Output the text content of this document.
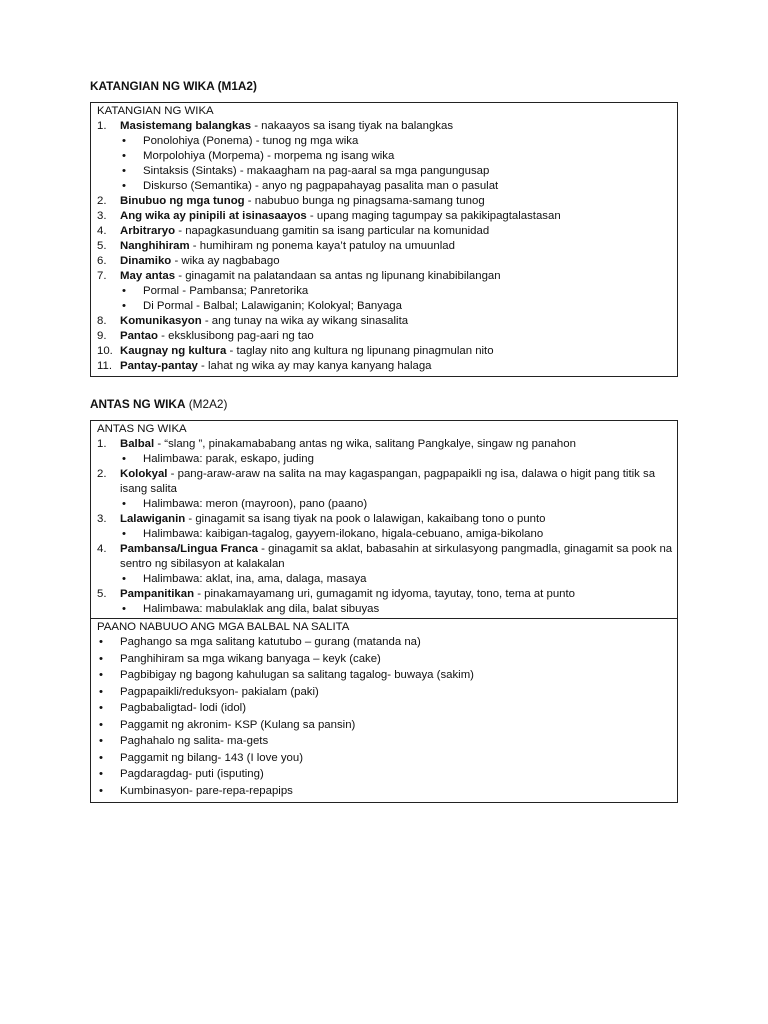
KATANGIAN NG WIKA (M1A2)
KATANGIAN NG WIKA
1.	Masistemang balangkas - nakaayos sa isang tiyak na balangkas
• Ponolohiya (Ponema) - tunog ng mga wika
• Morpolohiya (Morpema) - morpema ng isang wika
• Sintaksis (Sintaks) - makaagham na pag-aaral sa mga pangungusap
• Diskurso (Semantika) - anyo ng pagpapahayag pasalita man o pasulat
2.	Binubuo ng mga tunog - nabubuo bunga ng pinagsama-samang tunog
3.	Ang wika ay pinipili at isinasaayos - upang maging tagumpay sa pakikipagtalastasan
4.	Arbitraryo - napagkasunduang gamitin sa isang particular na komunidad
5.	Nanghihiram - humihiram ng ponema kaya’t patuloy na umuunlad
6.	Dinamiko - wika ay nagbabago
7.	May antas - ginagamit na palatandaan sa antas ng lipunang kinabibilangan
• Pormal - Pambansa; Panretorika
• Di Pormal - Balbal; Lalawiganin; Kolokyal; Banyaga
8.	Komunikasyon - ang tunay na wika ay wikang sinasalita
9.	Pantao - eksklusibong pag-aari ng tao
10. Kaugnay ng kultura - taglay nito ang kultura ng lipunang pinagmulan nito
11. Pantay-pantay - lahat ng wika ay may kanya kanyang halaga
ANTAS NG WIKA (M2A2)
ANTAS NG WIKA
1.	Balbal - “slang ”, pinakamababang antas ng wika, salitang Pangkalye, singaw ng panahon
• Halimbawa: parak, eskapo, juding
2.	Kolokyal - pang-araw-araw na salita na may kagaspangan, pagpapaikli ng isa, dalawa o higit pang titik sa isang salita
• Halimbawa: meron (mayroon), pano (paano)
3.	Lalawiganin - ginagamit sa isang tiyak na pook o lalawigan, kakaibang tono o punto
• Halimbawa: kaibigan-tagalog, gayyem-ilokano, higala-cebuano, amiga-bikolano
4.	Pambansa/Lingua Franca - ginagamit sa aklat, babasahin at sirkulasyong pangmadla, ginagamit sa pook na sentro ng sibilasyon at kalakalan
• Halimbawa: aklat, ina, ama, dalaga, masaya
5.	Pampanitikan - pinakamayamang uri, gumagamit ng idyoma, tayutay, tono, tema at punto
• Halimbawa: mabulaklak ang dila, balat sibuyas
PAANO NABUUO ANG MGA BALBAL NA SALITA
• Paghango sa mga salitang katutubo – gurang (matanda na)
• Panghihiram sa mga wikang banyaga – keyk (cake)
• Pagbibigay ng bagong kahulugan sa salitang tagalog- buwaya (sakim)
• Pagpapaikli/reduksyon- pakialam (paki)
• Pagbabaligtad- lodi (idol)
• Paggamit ng akronim- KSP (Kulang sa pansin)
• Paghahalo ng salita- ma-gets
• Paggamit ng bilang- 143 (I love you)
• Pagdaragdag- puti (isputing)
• Kumbinasyon- pare-repa-repapips
